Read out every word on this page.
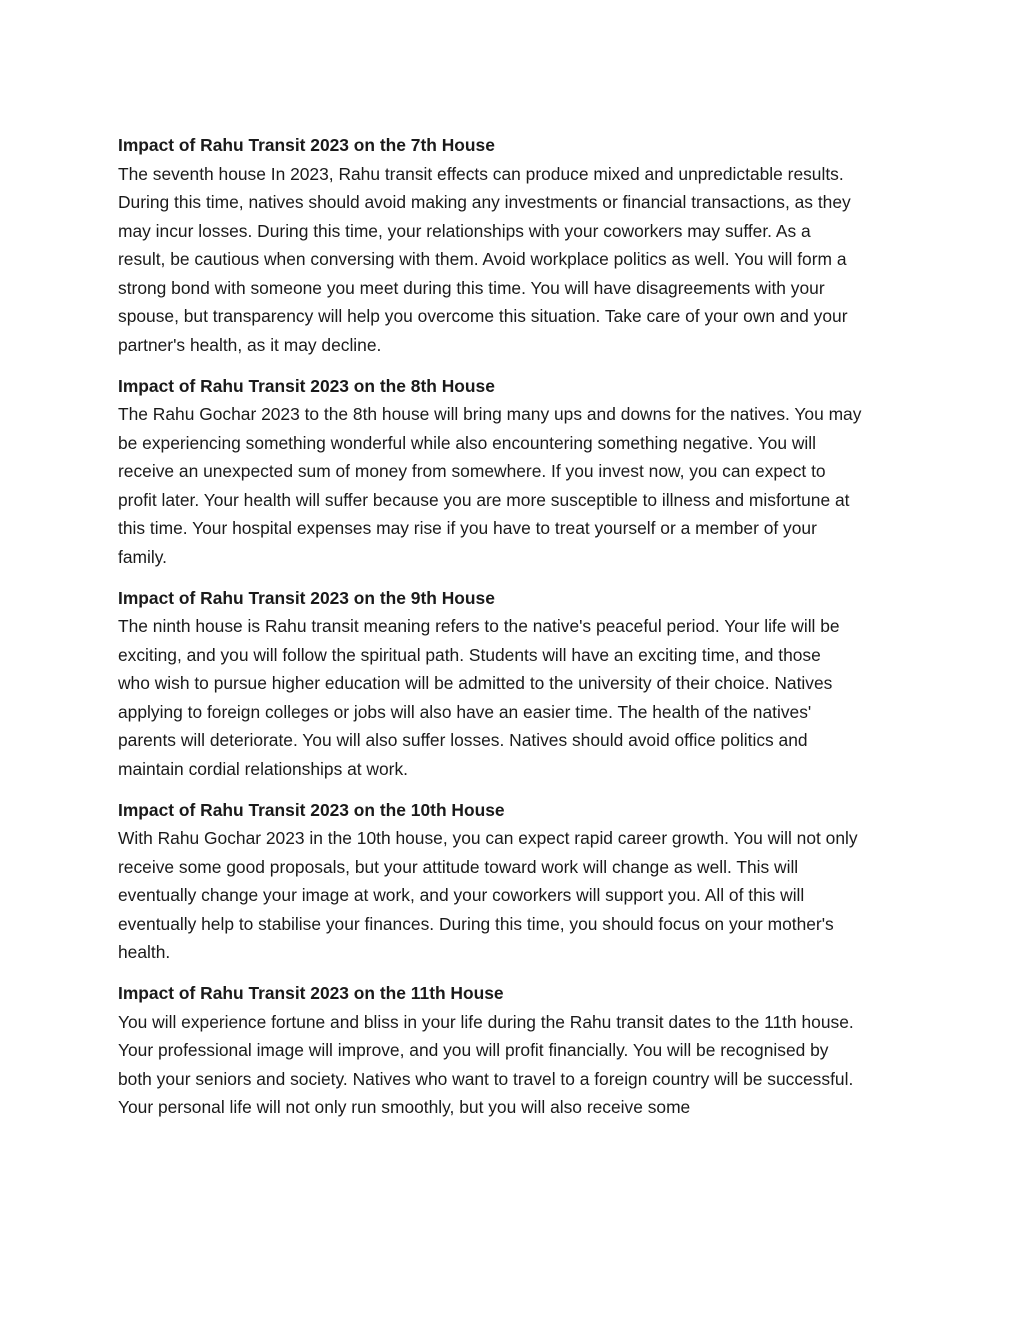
Impact of Rahu Transit 2023 on the 7th House

The seventh house In 2023, Rahu transit effects can produce mixed and unpredictable results.
During this time, natives should avoid making any investments or financial transactions, as they
may incur losses. During this time, your relationships with your coworkers may suffer. As a
result, be cautious when conversing with them. Avoid workplace politics as well. You will form a
strong bond with someone you meet during this time. You will have disagreements with your
spouse, but transparency will help you overcome this situation. Take care of your own and your
partner's health, as it may decline.

Impact of Rahu Transit 2023 on the 8th House

The Rahu Gochar 2023 to the 8th house will bring many ups and downs for the natives. You may
be experiencing something wonderful while also encountering something negative. You will
receive an unexpected sum of money from somewhere. If you invest now, you can expect to
profit later. Your health will suffer because you are more susceptible to illness and misfortune at
this time. Your hospital expenses may rise if you have to treat yourself or a member of your
family.

Impact of Rahu Transit 2023 on the 9th House

The ninth house is Rahu transit meaning refers to the native's peaceful period. Your life will be
exciting, and you will follow the spiritual path. Students will have an exciting time, and those
who wish to pursue higher education will be admitted to the university of their choice. Natives
applying to foreign colleges or jobs will also have an easier time. The health of the natives'
parents will deteriorate. You will also suffer losses. Natives should avoid office politics and
maintain cordial relationships at work.

Impact of Rahu Transit 2023 on the 10th House

With Rahu Gochar 2023 in the 10th house, you can expect rapid career growth. You will not only
receive some good proposals, but your attitude toward work will change as well. This will
eventually change your image at work, and your coworkers will support you. All of this will
eventually help to stabilise your finances. During this time, you should focus on your mother's
health.

Impact of Rahu Transit 2023 on the 11th House

You will experience fortune and bliss in your life during the Rahu transit dates to the 11th house.
Your professional image will improve, and you will profit financially. You will be recognised by
both your seniors and society. Natives who want to travel to a foreign country will be successful.
Your personal life will not only run smoothly, but you will also receive some
